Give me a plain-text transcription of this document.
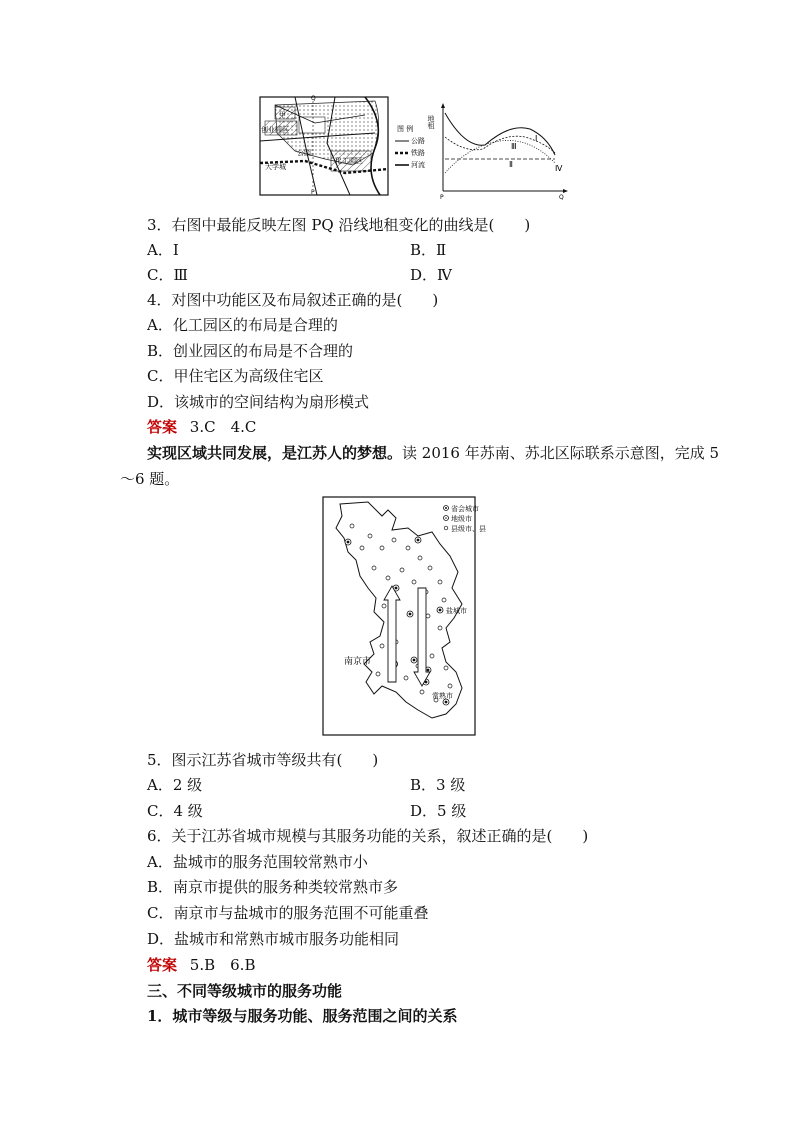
甲
创业园区
公园
大学城
化工园区
Q
P
图 例
公路
铁路
河流
地租
P	Q
Ⅰ
Ⅱ
Ⅲ
Ⅳ
3．右图中最能反映左图 PQ 沿线地租变化的曲线是(　　)
A．Ⅰ	B．Ⅱ
C．Ⅲ	D．Ⅳ
4．对图中功能区及布局叙述正确的是(　　)
A．化工园区的布局是合理的
B．创业园区的布局是不合理的
C．甲住宅区为高级住宅区
D．该城市的空间结构为扇形模式
答案 3.C　4.C
实现区域共同发展，是江苏人的梦想。读 2016 年苏南、苏北区际联系示意图，完成 5
～6 题。
省会城市
地级市
县级市、县
盐城市
南京市
常熟市
5．图示江苏省城市等级共有(　　)
A．2 级	B．3 级
C．4 级	D．5 级
6．关于江苏省城市规模与其服务功能的关系，叙述正确的是(　　)
A．盐城市的服务范围较常熟市小
B．南京市提供的服务种类较常熟市多
C．南京市与盐城市的服务范围不可能重叠
D．盐城市和常熟市城市服务功能相同
答案 5.B　6.B
三、不同等级城市的服务功能
1．城市等级与服务功能、服务范围之间的关系
